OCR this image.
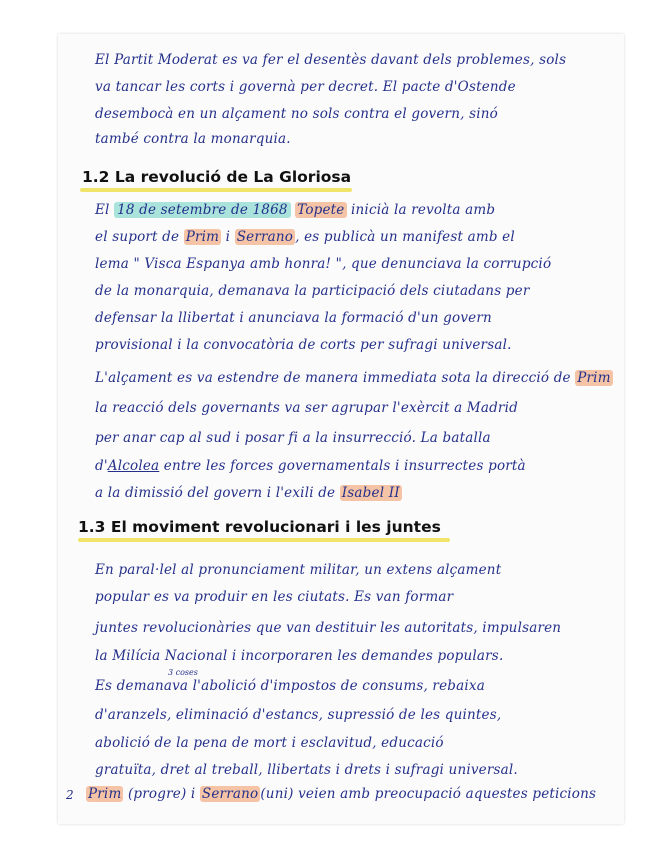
El Partit Moderat es va fer el desentès davant dels problemes, sols
va tancar les corts i governà per decret. El pacte d'Ostende
desembocà en un alçament no sols contra el govern, sinó
també contra la monarquia.
1.2 La revolució de La Gloriosa
El 18 de setembre de 1868 Topete inicià la revolta amb
el suport de Prim i Serrano , es publicà un manifest amb el
lema " Visca Espanya amb honra! ", que denunciava la corrupció
de la monarquia, demanava la participació dels ciutadans per
defensar la llibertat i anunciava la formació d'un govern
provisional i la convocatòria de corts per sufragi universal.
L'alçament es va estendre de manera immediata sota la direcció de Prim
la reacció dels governants va ser agrupar l'exèrcit a Madrid
per anar cap al sud i posar fi a la insurrecció. La batalla
d'Alcolea entre les forces governamentals i insurrectes portà
a la dimissió del govern i l'exili de Isabel II
1.3 El moviment revolucionari i les juntes
En paral·lel al pronunciament militar, un extens alçament
popular es va produir en les ciutats. Es van formar
juntes revolucionàries que van destituir les autoritats, impulsaren
la Milícia Nacional i incorporaren les demandes populars.
3 coses
Es demanava l'abolició d'impostos de consums, rebaixa
d'aranzels, eliminació d'estancs, supressió de les quintes,
abolició de la pena de mort i esclavitud, educació
gratuïta, dret al treball, llibertats i drets i sufragi universal.
2 Prim (progre) i Serrano (uni) veien amb preocupació aquestes peticions
